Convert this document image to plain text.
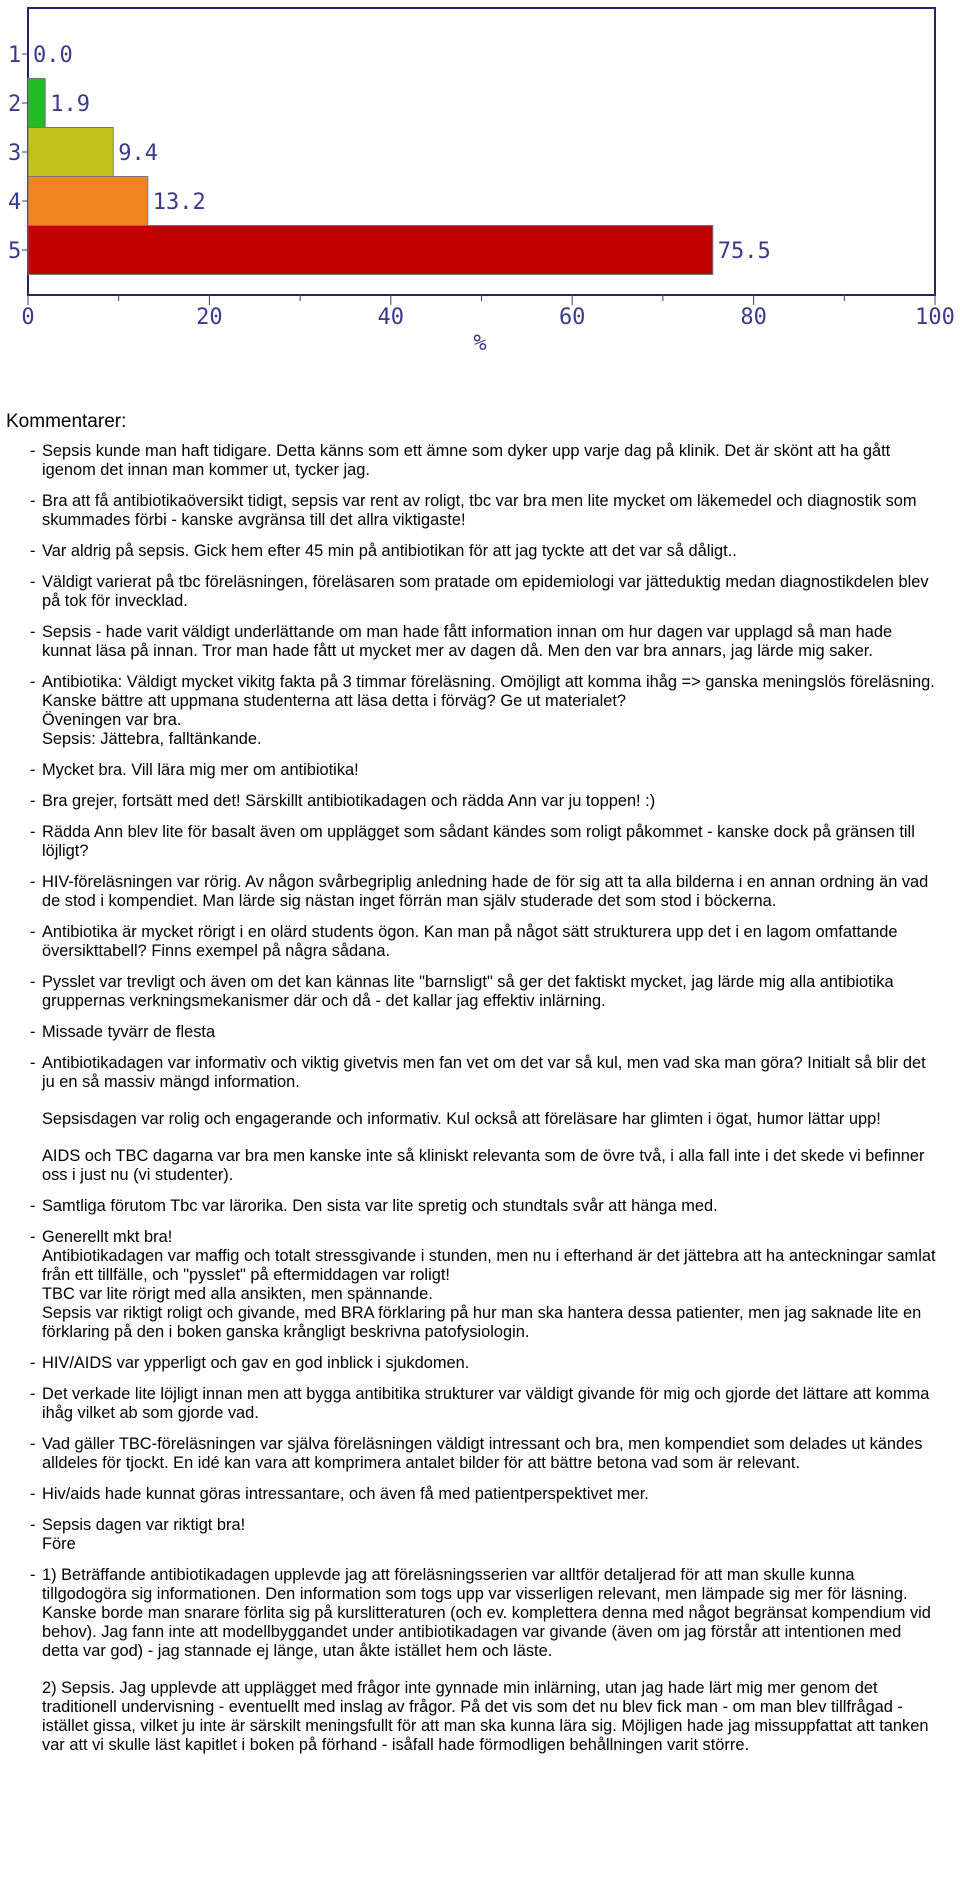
0.0
1.9
9.4
13.2
75.5
1
2
3
4
5
0	20	40	60	80	100
%
Kommentarer:
- Sepsis kunde man haft tidigare. Detta känns som ett ämne som dyker upp varje dag på klinik. Det är skönt att ha gått igenom det innan man kommer ut, tycker jag.
- Bra att få antibiotikaöversikt tidigt, sepsis var rent av roligt, tbc var bra men lite mycket om läkemedel och diagnostik som skummades förbi - kanske avgränsa till det allra viktigaste!
- Var aldrig på sepsis. Gick hem efter 45 min på antibiotikan för att jag tyckte att det var så dåligt..
- Väldigt varierat på tbc föreläsningen, föreläsaren som pratade om epidemiologi var jätteduktig medan diagnostikdelen blev på tok för invecklad.
- Sepsis - hade varit väldigt underlättande om man hade fått information innan om hur dagen var upplagd så man hade kunnat läsa på innan. Tror man hade fått ut mycket mer av dagen då. Men den var bra annars, jag lärde mig saker.
- Antibiotika: Väldigt mycket vikitg fakta på 3 timmar föreläsning. Omöjligt att komma ihåg => ganska meningslös föreläsning. Kanske bättre att uppmana studenterna att läsa detta i förväg? Ge ut materialet?
Öveningen var bra.
Sepsis: Jättebra, falltänkande.
- Mycket bra. Vill lära mig mer om antibiotika!
- Bra grejer, fortsätt med det! Särskillt antibiotikadagen och rädda Ann var ju toppen! :)
- Rädda Ann blev lite för basalt även om upplägget som sådant kändes som roligt påkommet - kanske dock på gränsen till löjligt?
- HIV-föreläsningen var rörig. Av någon svårbegriplig anledning hade de för sig att ta alla bilderna i en annan ordning än vad de stod i kompendiet. Man lärde sig nästan inget förrän man själv studerade det som stod i böckerna.
- Antibiotika är mycket rörigt i en olärd students ögon. Kan man på något sätt strukturera upp det i en lagom omfattande översikttabell? Finns exempel på några sådana.
- Pysslet var trevligt och även om det kan kännas lite "barnsligt" så ger det faktiskt mycket, jag lärde mig alla antibiotika gruppernas verkningsmekanismer där och då - det kallar jag effektiv inlärning.
- Missade tyvärr de flesta
- Antibiotikadagen var informativ och viktig givetvis men fan vet om det var så kul, men vad ska man göra? Initialt så blir det ju en så massiv mängd information.
Sepsisdagen var rolig och engagerande och informativ. Kul också att föreläsare har glimten i ögat, humor lättar upp!
AIDS och TBC dagarna var bra men kanske inte så kliniskt relevanta som de övre två, i alla fall inte i det skede vi befinner oss i just nu (vi studenter).
- Samtliga förutom Tbc var lärorika. Den sista var lite spretig och stundtals svår att hänga med.
- Generellt mkt bra!
Antibiotikadagen var maffig och totalt stressgivande i stunden, men nu i efterhand är det jättebra att ha anteckningar samlat från ett tillfälle, och "pysslet" på eftermiddagen var roligt!
TBC var lite rörigt med alla ansikten, men spännande.
Sepsis var riktigt roligt och givande, med BRA förklaring på hur man ska hantera dessa patienter, men jag saknade lite en förklaring på den i boken ganska krångligt beskrivna patofysiologin.
- HIV/AIDS var ypperligt och gav en god inblick i sjukdomen.
- Det verkade lite löjligt innan men att bygga antibitika strukturer var väldigt givande för mig och gjorde det lättare att komma ihåg vilket ab som gjorde vad.
- Vad gäller TBC-föreläsningen var själva föreläsningen väldigt intressant och bra, men kompendiet som delades ut kändes alldeles för tjockt. En idé kan vara att komprimera antalet bilder för att bättre betona vad som är relevant.
- Hiv/aids hade kunnat göras intressantare, och även få med patientperspektivet mer.
- Sepsis dagen var riktigt bra!
Före
- 1) Beträffande antibiotikadagen upplevde jag att föreläsningsserien var alltför detaljerad för att man skulle kunna tillgodogöra sig informationen. Den information som togs upp var visserligen relevant, men lämpade sig mer för läsning. Kanske borde man snarare förlita sig på kurslitteraturen (och ev. komplettera denna med något begränsat kompendium vid behov). Jag fann inte att modellbyggandet under antibiotikadagen var givande (även om jag förstår att intentionen med detta var god) - jag stannade ej länge, utan åkte istället hem och läste.
2) Sepsis. Jag upplevde att upplägget med frågor inte gynnade min inlärning, utan jag hade lärt mig mer genom det traditionell undervisning - eventuellt med inslag av frågor. På det vis som det nu blev fick man - om man blev tillfrågad - istället gissa, vilket ju inte är särskilt meningsfullt för att man ska kunna lära sig. Möjligen hade jag missuppfattat att tanken var att vi skulle läst kapitlet i boken på förhand - isåfall hade förmodligen behållningen varit större.
